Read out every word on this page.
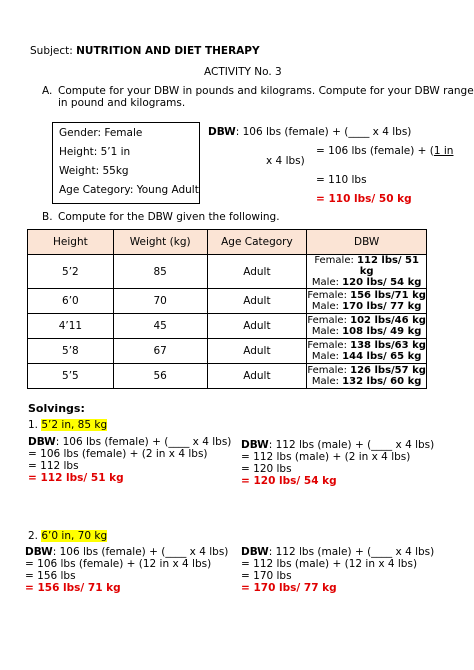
Subject: NUTRITION AND DIET THERAPY
ACTIVITY No. 3
A. Compute for your DBW in pounds and kilograms. Compute for your DBW range
in pound and kilograms.
Gender: Female
Height: 5’1 in
Weight: 55kg
Age Category: Young Adult
DBW: 106 lbs (female) + (____ x 4 lbs)
= 106 lbs (female) + (1 in
x 4 lbs)
= 110 lbs
= 110 lbs/ 50 kg
B. Compute for the DBW given the following.
Height	Weight (kg)	Age Category	DBW
5’2	85	Adult	Female: 112 lbs/ 51 kg
Male: 120 lbs/ 54 kg

6’0	70	Adult	Female: 156 lbs/71 kg
Male: 170 lbs/ 77 kg

4’11	45	Adult	Female: 102 lbs/46 kg
Male: 108 lbs/ 49 kg

5’8	67	Adult	Female: 138 lbs/63 kg
Male: 144 lbs/ 65 kg

5’5	56	Adult	Female: 126 lbs/57 kg
Male: 132 lbs/ 60 kg
Solvings:
1. 5’2 in, 85 kg
DBW: 106 lbs (female) + (____ x 4 lbs)
= 106 lbs (female) + (2 in x 4 lbs)
= 112 lbs
= 112 lbs/ 51 kg
DBW: 112 lbs (male) + (____ x 4 lbs)
= 112 lbs (male) + (2 in x 4 lbs)
= 120 lbs
= 120 lbs/ 54 kg
2. 6’0 in, 70 kg
DBW: 106 lbs (female) + (____ x 4 lbs)
= 106 lbs (female) + (12 in x 4 lbs)
= 156 lbs
= 156 lbs/ 71 kg
DBW: 112 lbs (male) + (____ x 4 lbs)
= 112 lbs (male) + (12 in x 4 lbs)
= 170 lbs
= 170 lbs/ 77 kg
